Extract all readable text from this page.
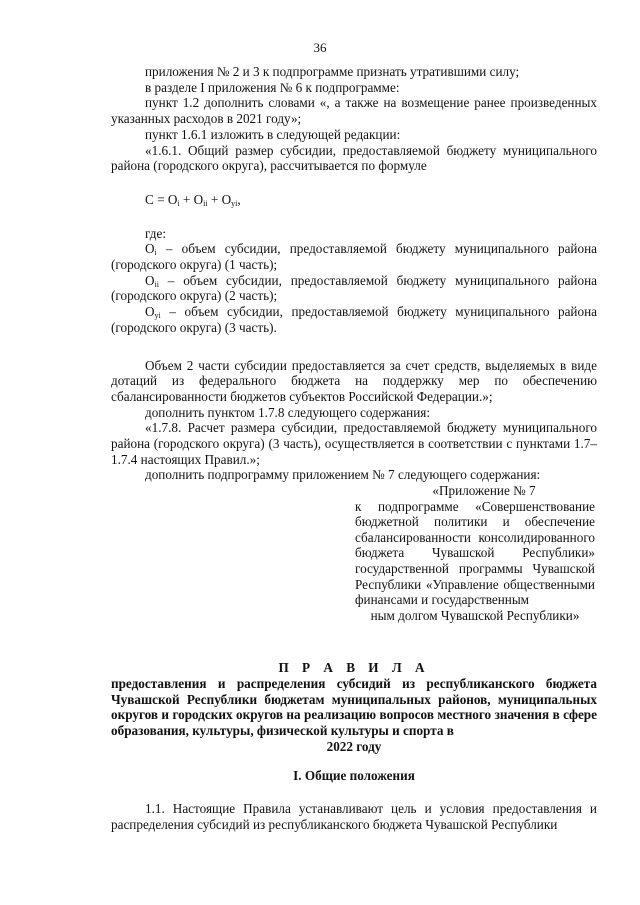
36

приложения № 2 и 3 к подпрограмме признать утратившими силу;

в разделе I приложения № 6 к подпрограмме:

пункт 1.2 дополнить словами «, а также на возмещение ранее произведенных указанных расходов в 2021 году»;

пункт 1.6.1 изложить в следующей редакции:

«1.6.1. Общий размер субсидии, предоставляемой бюджету муниципального района (городского округа), рассчитывается по формуле

$С = О_i + О_{ii} + О_{yi}$,
где:

$О_i$ – объем субсидии, предоставляемой бюджету муниципального района (городского округа) (1 часть);

$О_{ii}$ – объем субсидии, предоставляемой бюджету муниципального района (городского округа) (2 часть);

$О_{yi}$ – объем субсидии, предоставляемой бюджету муниципального района (городского округа) (3 часть).

Объем 2 части субсидии предоставляется за счет средств, выделяемых в виде дотаций из федерального бюджета на поддержку мер по обеспечению сбалансированности бюджетов субъектов Российской Федерации.»;

дополнить пунктом 1.7.8 следующего содержания:

«1.7.8. Расчет размера субсидии, предоставляемой бюджету муниципального района (городского округа) (3 часть), осуществляется в соответствии с пунктами 1.7–1.7.4 настоящих Правил.»;

дополнить подпрограмму приложением № 7 следующего содержания:

«Приложение № 7
к подпрограмме «Совершенствование бюджетной политики и обеспечение сбалансированности консолидированного бюджета Чувашской Республики» государственной программы Чувашской Республики «Управление общественными финансами и государственным
ным долгом Чувашской Республики»
П Р А В И Л А
предоставления и распределения субсидий из республиканского бюджета Чувашской Республики бюджетам муниципальных районов, муниципальных округов и городских округов на реализацию вопросов местного значения в сфере образования, культуры, физической культуры и спорта в
2022 году
I. Общие положения

1.1. Настоящие Правила устанавливают цель и условия предоставления и распределения субсидий из республиканского бюджета Чувашской Республики
